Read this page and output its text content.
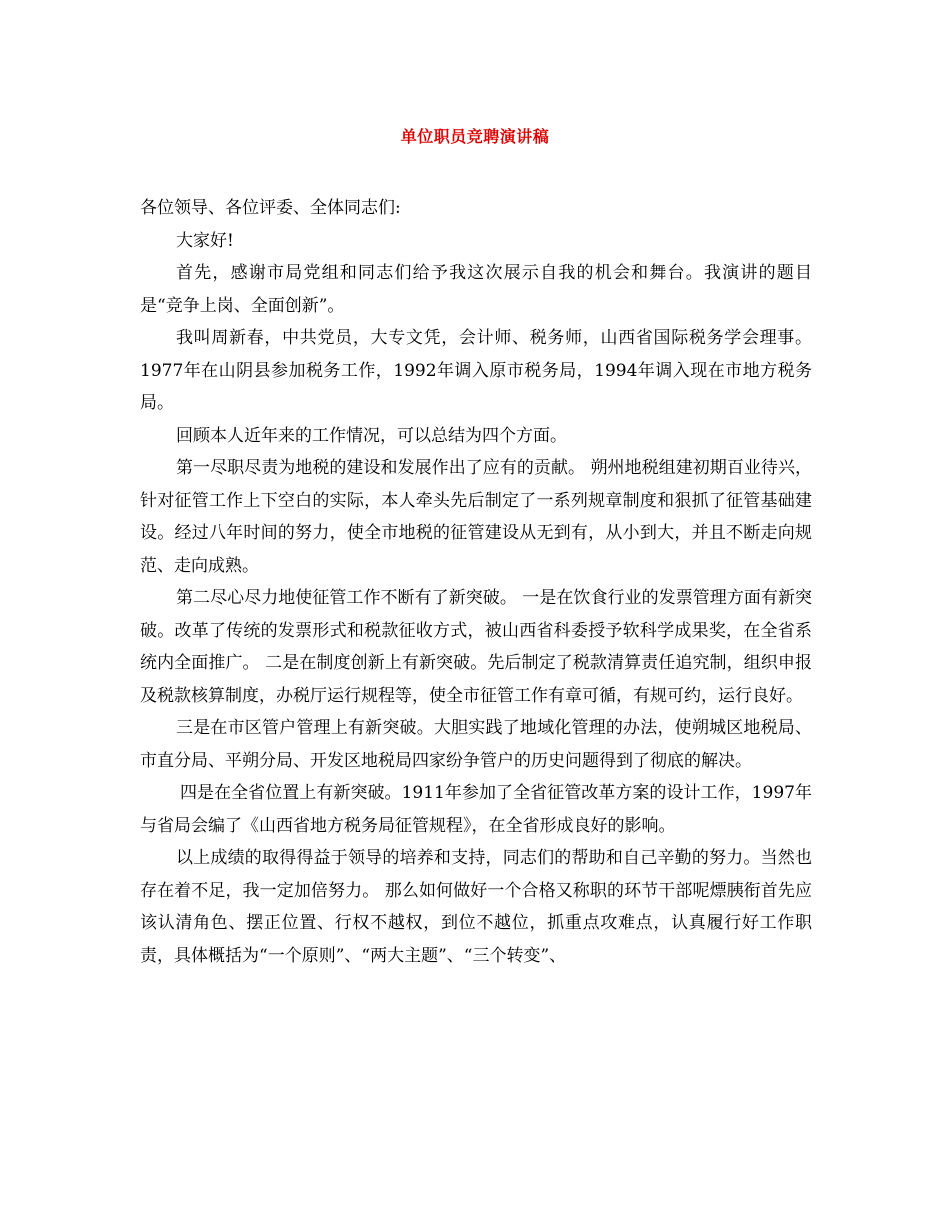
单位职员竞聘演讲稿

各位领导、各位评委、全体同志们:

大家好!

首先，感谢市局党组和同志们给予我这次展示自我的机会和舞台。我演讲的题目是“竞争上岗、全面创新”。

我叫周新春，中共党员，大专文凭，会计师、税务师，山西省国际税务学会理事。1977年在山阴县参加税务工作，1992年调入原市税务局，1994年调入现在市地方税务局。

回顾本人近年来的工作情况，可以总结为四个方面。

第一尽职尽责为地税的建设和发展作出了应有的贡献。 朔州地税组建初期百业待兴，针对征管工作上下空白的实际，本人牵头先后制定了一系列规章制度和狠抓了征管基础建设。经过八年时间的努力，使全市地税的征管建设从无到有，从小到大，并且不断走向规范、走向成熟。

第二尽心尽力地使征管工作不断有了新突破。 一是在饮食行业的发票管理方面有新突破。改革了传统的发票形式和税款征收方式，被山西省科委授予软科学成果奖，在全省系统内全面推广。 二是在制度创新上有新突破。先后制定了税款清算责任追究制，组织申报及税款核算制度，办税厅运行规程等，使全市征管工作有章可循，有规可约，运行良好。

三是在市区管户管理上有新突破。大胆实践了地域化管理的办法，使朔城区地税局、市直分局、平朔分局、开发区地税局四家纷争管户的历史问题得到了彻底的解决。

四是在全省位置上有新突破。1911年参加了全省征管改革方案的设计工作，1997年与省局会编了《山西省地方税务局征管规程》，在全省形成良好的影响。

以上成绩的取得得益于领导的培养和支持，同志们的帮助和自己辛勤的努力。当然也存在着不足，我一定加倍努力。 那么如何做好一个合格又称职的环节干部呢熛胰衔首先应该认清角色、摆正位置、行权不越权，到位不越位，抓重点攻难点，认真履行好工作职责，具体概括为“一个原则”、“两大主题”、“三个转变”、
